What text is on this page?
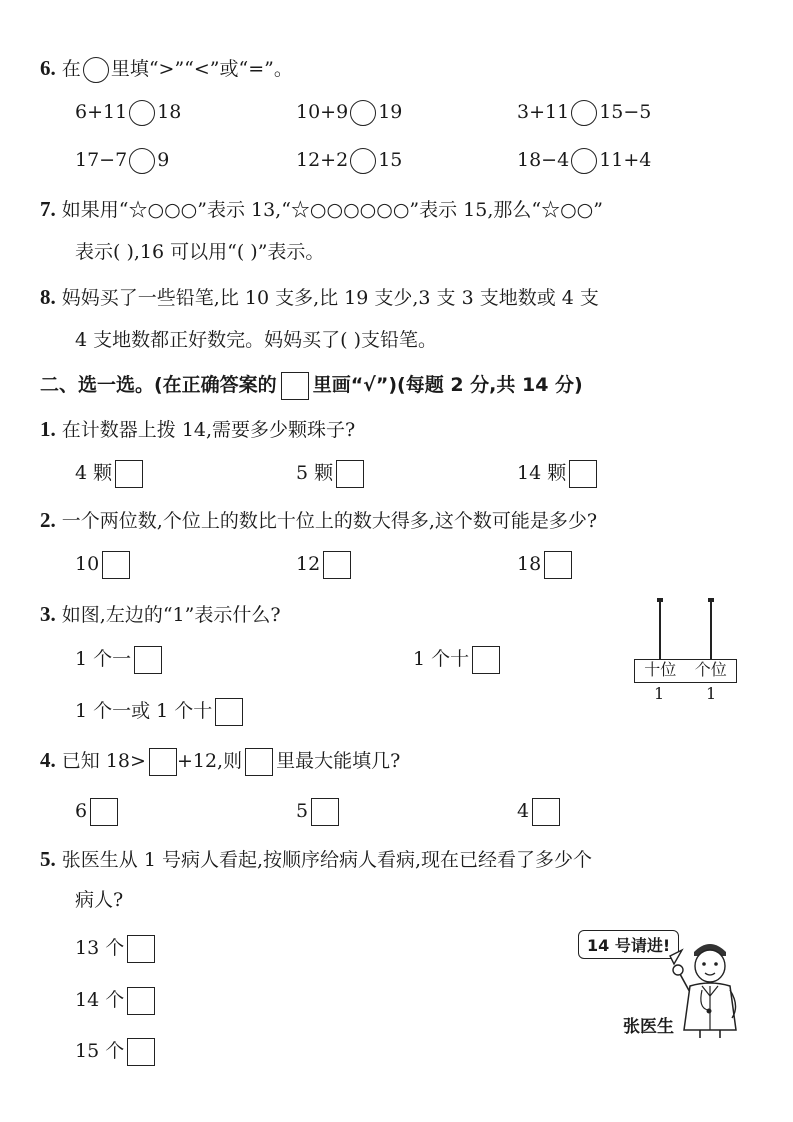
6. 在 里填“>”“<”或“=”。
6+11 18	10+9 19	3+11 15−5
17−7 9	12+2 15	18−4 11+4
7. 如果用“☆○○○”表示 13,“☆○○○○○○”表示 15,那么“☆○○”
表示( ),16 可以用“( )”表示。
8. 妈妈买了一些铅笔,比 10 支多,比 19 支少,3 支 3 支地数或 4 支
4 支地数都正好数完。妈妈买了( )支铅笔。
二、选一选。(在正确答案的 里画“√”)(每题 2 分,共 14 分)
1. 在计数器上拨 14,需要多少颗珠子?
4 颗	5 颗	14 颗
2. 一个两位数,个位上的数比十位上的数大得多,这个数可能是多少?
10	12	18
3. 如图,左边的“1”表示什么?
1 个一	1 个十
1 个一或 1 个十
十位	个位
1	1
4. 已知 18> +12,则 里最大能填几?
6	5	4
5. 张医生从 1 号病人看起,按顺序给病人看病,现在已经看了多少个
病人?
13 个
14 个
15 个
14 号请进!
张医生
